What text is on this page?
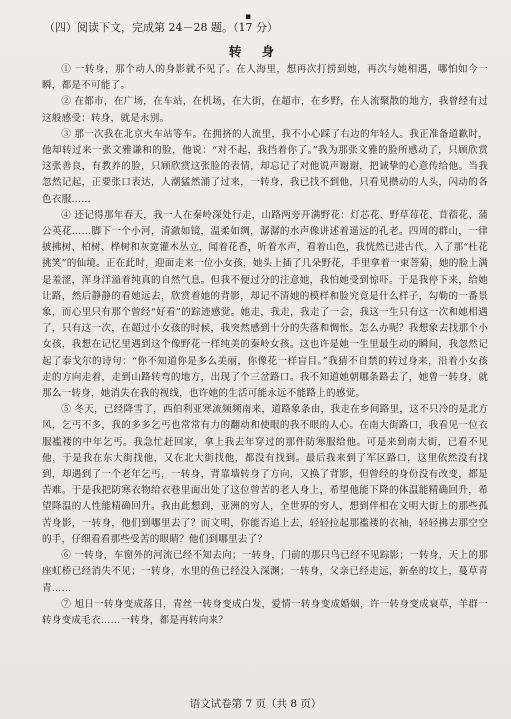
▪
（四）阅读下文，完成第 24－28 题。（17 分）
转 身

① 一转身，那个动人的身影就不见了。在人海里，想再次打捞到她，再次与她相遇，哪怕如今一瞬，都是不可能了。

② 在都市，在广场，在车站，在机场，在大街，在超市，在乡野，在人流聚散的地方，我曾经有过这般感受：转身，就是永别。

③ 那一次我在北京火车站等车。在拥挤的人流里，我不小心踩了右边的年轻人。我正准备道歉时，他却转过来一张文雅谦和的脸，他说：“对不起，我挡着你了。”我为那张文雅的脸所感动了，只顾欣赏这张善良，有教养的脸，只顾欣赏这张脸的表情，却忘记了对他说声谢谢，把诚挚的心意传给他。当我忽然记起，正要张口表达，人潮猛然涌了过来，一转身，我已找不到他，只看见攒动的人头，闪动的各色衣服……

④ 还记得那年春天，我一人在秦岭深处行走，山路两旁开满野花：灯芯花、野草莓花、苜蓿花、蒲公英花……脚下一个小河，清澈如镜，温柔如绸，潺潺的水声像讲述着遥远的孔老。四周的群山，一律披拂树、柏树、桦树和灰宽灌木丛立，闻着花香，听着水声，看着山色，我恍然已进古代，入了那“杜花挑笑”的仙境。正在此时，迎面走来一位小女孩，她头上插了几朵野花，手里拿着一束菩菊，她的脸上满是羞涩，浑身洋溢着纯真的自然气息。但我不便过分的注意她，我怕她受到惊吓。于是我停下来，给她让路，然后静静的看她远去，欣赏着她的背影，却记不清她的模样和脸究竟是什么样子，勾勒的一番景象，而心里只有那个曾经“好看”的踪迹感觉。她走，我走，我走了一会，我这一生只有这一次和她相遇了，只有这一次，在超过小女孩的时候，我突然感到十分的失落和惆怅。怎么办呢？我想象去找那个小女孩，我想在记忆里遇到这个像野花一样纯美的秦岭女孩。这也许是她一生里最生动的瞬间，我忽然记起了泰戈尔的诗句：“你不知道你是多么美丽，你像花一样盲目。”我猜不自禁的转过身来，沿着小女孩走的方向走着，走到山路转弯的地方，出现了个三岔路口。我不知道她朝哪条路去了，她曾一转身，就那么一转身，她消失在我的视线，也许她的生活可能永远不能路上的感觉。

⑤ 冬天，已经降雪了，西伯利亚寒流频频南来，道路象条由，我走在乡间路里，这不只冷的是北方风，乞丐不多，我的多多乞丐也常常有力的翻动和使眼的我不眼的人心。在南大街路口，我看见一位衣服褴褛的中年乞丐。我急忙赶回家，拿上我去年穿过的那件防寒服给他。可是来到南大街，已看不见他，于是我在东大街找他，又在北大街找他，都没有找到。最后我来到了军区路口，这里依然没有找到，却遇到了一个老年乞丐，一转身，背靠墙转身了方向，又换了背影，但曾经的身份没有改变，都是苦难。于是我把防寒衣物给衣巷里面出处了这位曾苦的老人身上，希望他能下降的体温能精确回升，希望降温的人性能精确回升。我由此想到，亚洲的穷人，全世界的穷人，想到伴相在文明大街上的那些孤苦身影，一转身，他们到哪里去了？而文明，你能否追上去，轻轻拉起那褴褛的衣袖，轻轻拂去那空空的手，仔细看看那些受苦的眼睛？他们到哪里去了？

⑥ 一转身，车窗外的河流已经不知去向；一转身，门前的那只鸟已经不见踪影；一转身，天上的那座虹桥已经消失不见；一转身，水里的鱼已经没入深渊；一转身，父亲已经走远，新垒的坟上，蔓草青青……

⑦ 旭日一转身变成落日，青丝一转身变成白发，爱情一转身变成婚姻，许一转身变成衰草，羊群一转身变成毛衣……一转身，都是再转向来？

语文试卷第 7 页（共 8 页）
